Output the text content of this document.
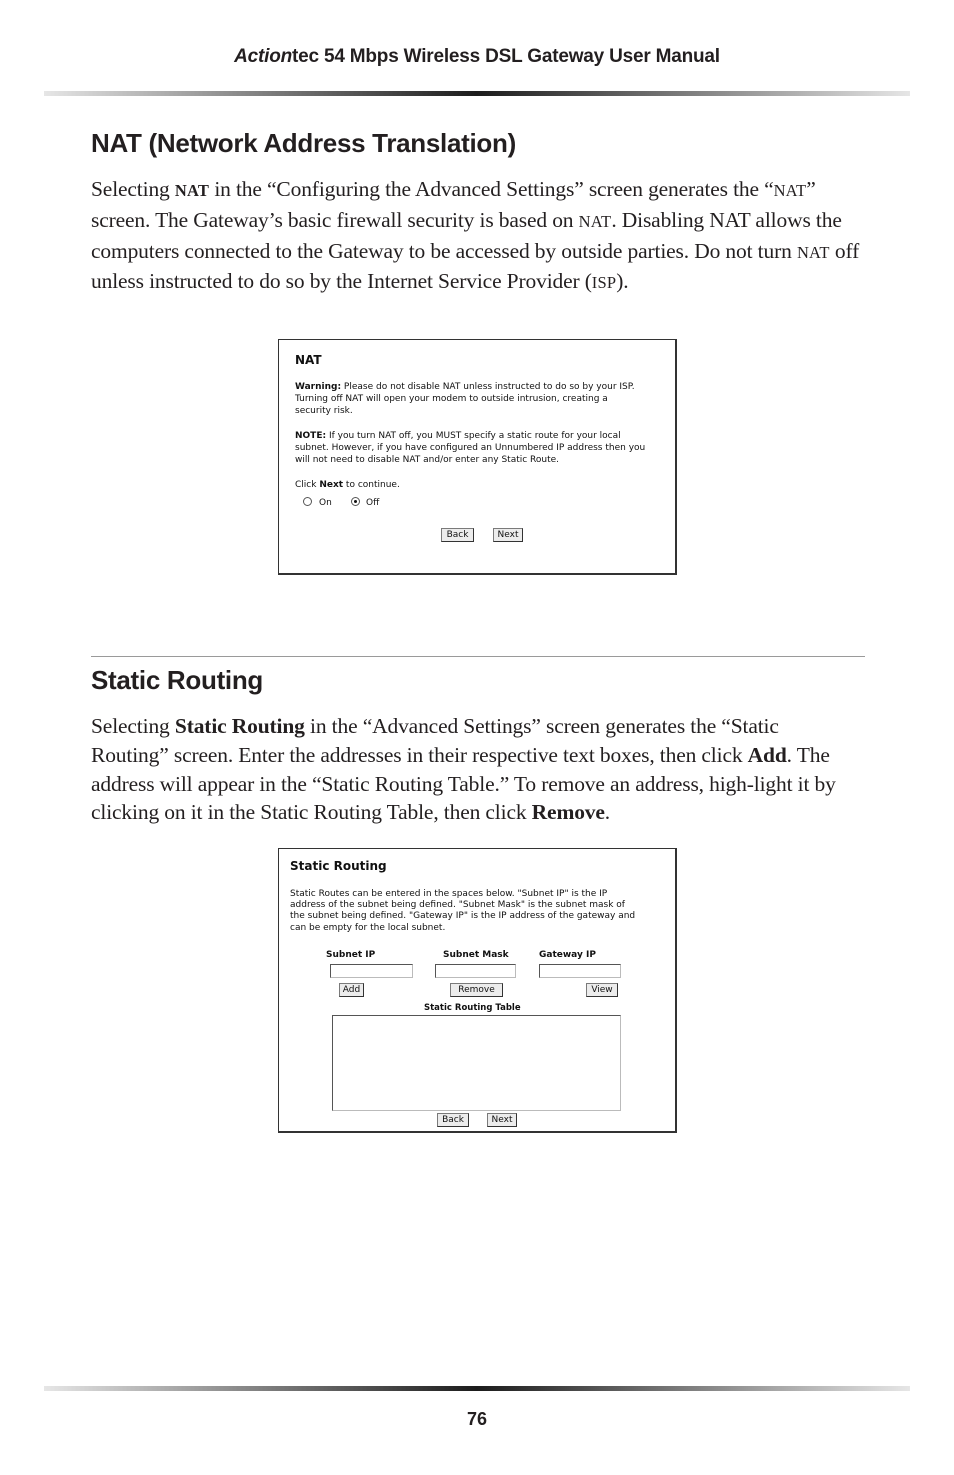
Actiontec 54 Mbps Wireless DSL Gateway User Manual
NAT (Network Address Translation)

Selecting NAT in the “Configuring the Advanced Settings” screen generates the “NAT” screen. The Gateway’s basic firewall security is based on NAT. Disabling NAT allows the computers connected to the Gateway to be accessed by outside parties. Do not turn NAT off unless instructed to do so by the Internet Service Provider (ISP).

NAT
Warning: Please do not disable NAT unless instructed to do so by your ISP.
Turning off NAT will open your modem to outside intrusion, creating a
security risk.
NOTE: If you turn NAT off, you MUST specify a static route for your local
subnet. However, if you have configured an Unnumbered IP address then you
will not need to disable NAT and/or enter any Static Route.
Click Next to continue.
On	Off
Back	Next
Static Routing

Selecting Static Routing in the “Advanced Settings” screen generates the “Static Routing” screen. Enter the addresses in their respective text boxes, then click Add. The address will appear in the “Static Routing Table.” To remove an address, high-light it by clicking on it in the Static Routing Table, then click Remove.

Static Routing
Static Routes can be entered in the spaces below. "Subnet IP" is the IP
address of the subnet being defined. "Subnet Mask" is the subnet mask of
the subnet being defined. "Gateway IP" is the IP address of the gateway and
can be empty for the local subnet.
Subnet IP	Subnet Mask	Gateway IP
Add	Remove	View
Static Routing Table
Back	Next
76
